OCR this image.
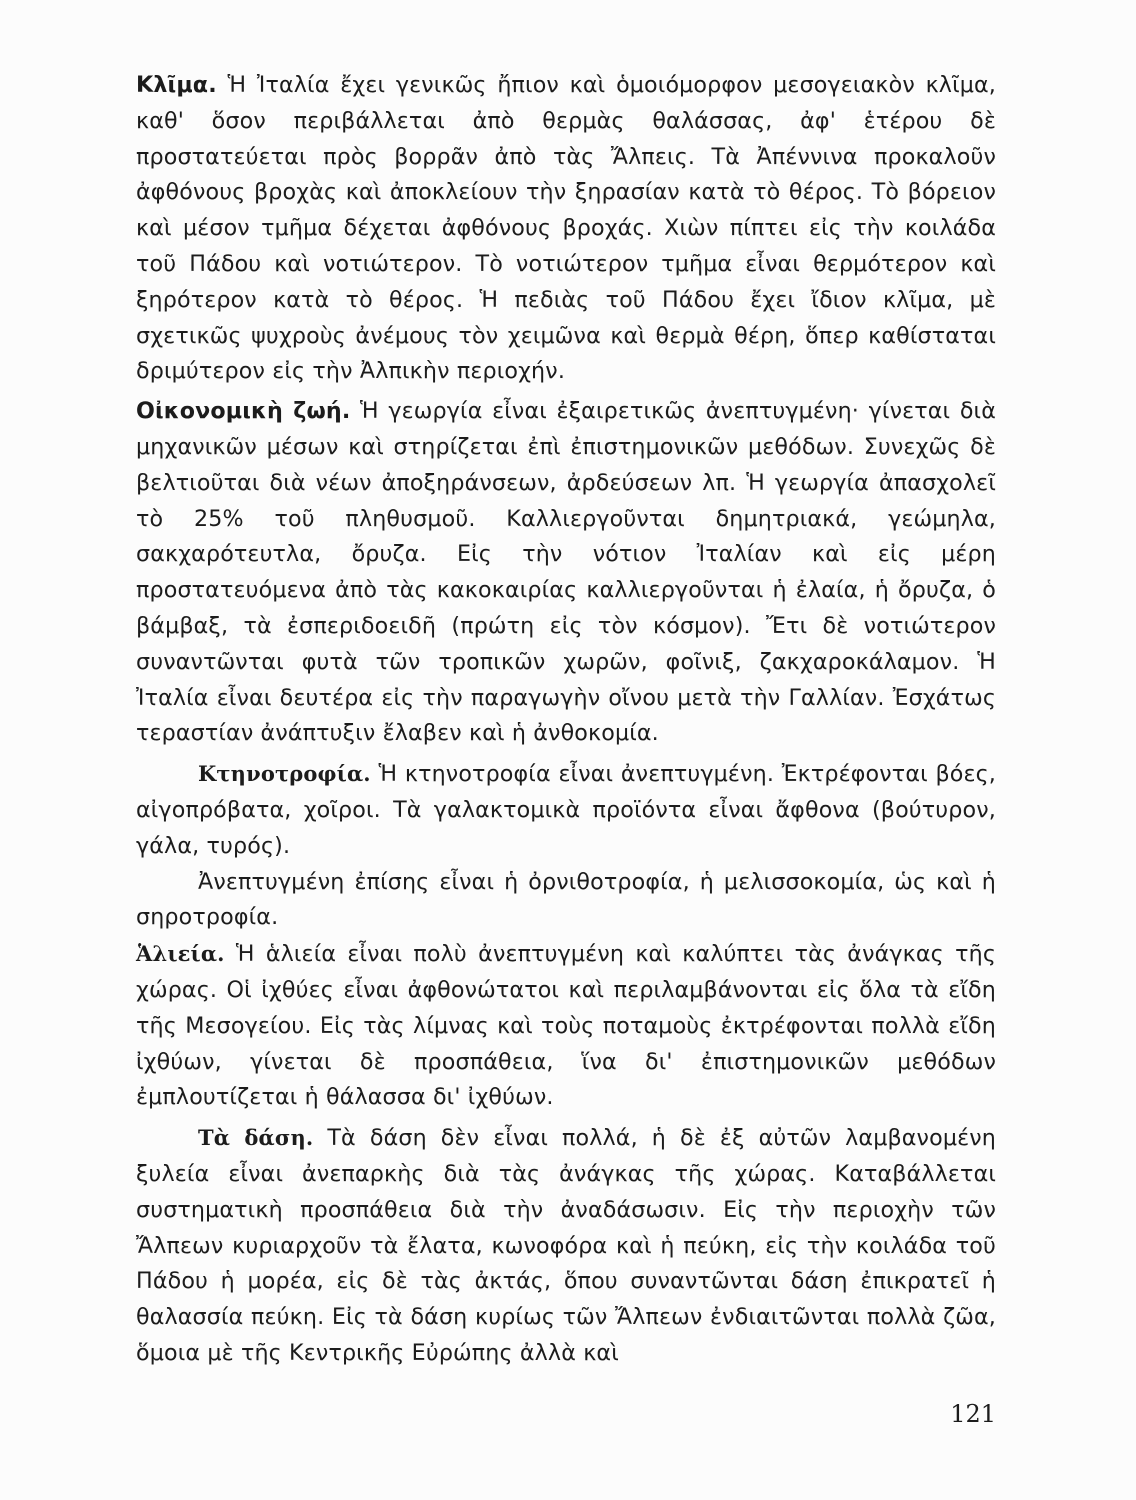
Κλῖμα. Ἡ Ἰταλία ἔχει γενικῶς ἤπιον καὶ ὁμοιόμορφον μεσογειακὸν κλῖμα, καθ' ὅσον περιβάλλεται ἀπὸ θερμὰς θαλάσσας, ἀφ' ἑτέρου δὲ προστατεύεται πρὸς βορρᾶν ἀπὸ τὰς Ἄλπεις. Τὰ Ἀπέννινα προκαλοῦν ἀφθόνους βροχὰς καὶ ἀποκλείουν τὴν ξηρασίαν κατὰ τὸ θέρος. Τὸ βόρειον καὶ μέσον τμῆμα δέχεται ἀφθόνους βροχάς. Χιὼν πίπτει εἰς τὴν κοιλάδα τοῦ Πάδου καὶ νοτιώτερον. Τὸ νοτιώτερον τμῆμα εἶναι θερμότερον καὶ ξηρότερον κατὰ τὸ θέρος. Ἡ πεδιὰς τοῦ Πάδου ἔχει ἴδιον κλῖμα, μὲ σχετικῶς ψυχροὺς ἀνέμους τὸν χειμῶνα καὶ θερμὰ θέρη, ὅπερ καθίσταται δριμύτερον εἰς τὴν Ἀλπικὴν περιοχήν.

Οἰκονομικὴ ζωή. Ἡ γεωργία εἶναι ἐξαιρετικῶς ἀνεπτυγμένη· γίνεται διὰ μηχανικῶν μέσων καὶ στηρίζεται ἐπὶ ἐπιστημονικῶν μεθόδων. Συνεχῶς δὲ βελτιοῦται διὰ νέων ἀποξηράνσεων, ἀρδεύσεων λπ. Ἡ γεωργία ἀπασχολεῖ τὸ 25% τοῦ πληθυσμοῦ. Καλλιεργοῦνται δημητριακά, γεώμηλα, σακχαρότευτλα, ὄρυζα. Εἰς τὴν νότιον Ἰταλίαν καὶ εἰς μέρη προστατευόμενα ἀπὸ τὰς κακοκαιρίας καλλιεργοῦνται ἡ ἐλαία, ἡ ὄρυζα, ὁ βάμβαξ, τὰ ἐσπεριδοειδῆ (πρώτη εἰς τὸν κόσμον). Ἔτι δὲ νοτιώτερον συναντῶνται φυτὰ τῶν τροπικῶν χωρῶν, φοῖνιξ, ζακχαροκάλαμον. Ἡ Ἰταλία εἶναι δευτέρα εἰς τὴν παραγωγὴν οἴνου μετὰ τὴν Γαλλίαν. Ἐσχάτως τεραστίαν ἀνάπτυξιν ἔλαβεν καὶ ἡ ἀνθοκομία.

Κτηνοτροφία. Ἡ κτηνοτροφία εἶναι ἀνεπτυγμένη. Ἐκτρέφονται βόες, αἰγοπρόβατα, χοῖροι. Τὰ γαλακτομικὰ προϊόντα εἶναι ἄφθονα (βούτυρον, γάλα, τυρός).

Ἀνεπτυγμένη ἐπίσης εἶναι ἡ ὀρνιθοτροφία, ἡ μελισσοκομία, ὡς καὶ ἡ σηροτροφία.

Ἁλιεία. Ἡ ἁλιεία εἶναι πολὺ ἀνεπτυγμένη καὶ καλύπτει τὰς ἀνάγκας τῆς χώρας. Οἱ ἰχθύες εἶναι ἀφθονώτατοι καὶ περιλαμβάνονται εἰς ὅλα τὰ εἴδη τῆς Μεσογείου. Εἰς τὰς λίμνας καὶ τοὺς ποταμοὺς ἐκτρέφονται πολλὰ εἴδη ἰχθύων, γίνεται δὲ προσπάθεια, ἵνα δι' ἐπιστημονικῶν μεθόδων ἐμπλουτίζεται ἡ θάλασσα δι' ἰχθύων.

Τὰ δάση. Τὰ δάση δὲν εἶναι πολλά, ἡ δὲ ἐξ αὐτῶν λαμβανομένη ξυλεία εἶναι ἀνεπαρκὴς διὰ τὰς ἀνάγκας τῆς χώρας. Καταβάλλεται συστηματικὴ προσπάθεια διὰ τὴν ἀναδάσωσιν. Εἰς τὴν περιοχὴν τῶν Ἄλπεων κυριαρχοῦν τὰ ἔλατα, κωνοφόρα καὶ ἡ πεύκη, εἰς τὴν κοιλάδα τοῦ Πάδου ἡ μορέα, εἰς δὲ τὰς ἀκτάς, ὅπου συναντῶνται δάση ἐπικρατεῖ ἡ θαλασσία πεύκη. Εἰς τὰ δάση κυρίως τῶν Ἄλπεων ἐνδιαιτῶνται πολλὰ ζῶα, ὅμοια μὲ τῆς Κεντρικῆς Εὐρώπης ἀλλὰ καὶ

121
